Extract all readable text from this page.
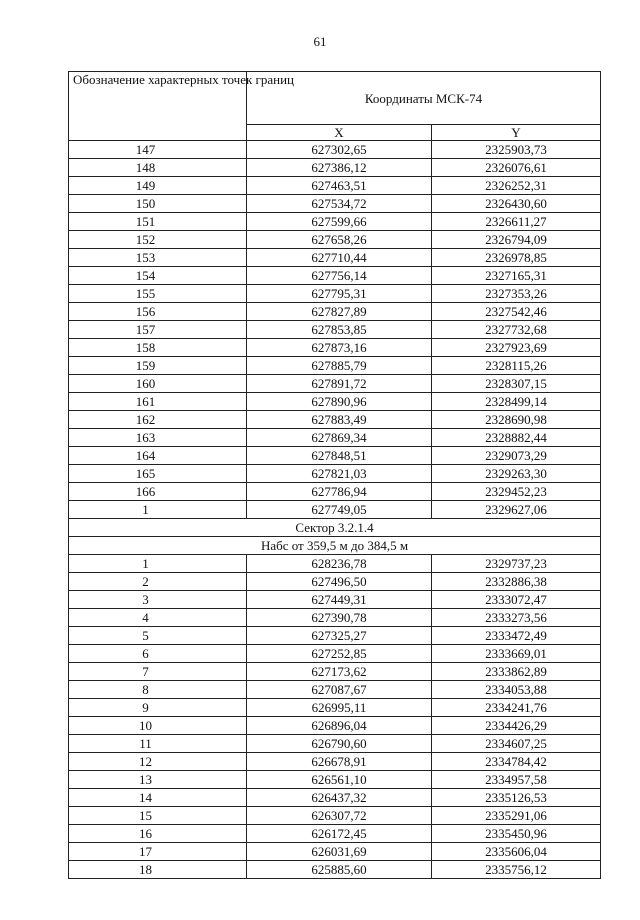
61
Обозначение характерных точек границ	Координаты МСК-74	
	X	Y
147	627302,65	2325903,73
148	627386,12	2326076,61
149	627463,51	2326252,31
150	627534,72	2326430,60
151	627599,66	2326611,27
152	627658,26	2326794,09
153	627710,44	2326978,85
154	627756,14	2327165,31
155	627795,31	2327353,26
156	627827,89	2327542,46
157	627853,85	2327732,68
158	627873,16	2327923,69
159	627885,79	2328115,26
160	627891,72	2328307,15
161	627890,96	2328499,14
162	627883,49	2328690,98
163	627869,34	2328882,44
164	627848,51	2329073,29
165	627821,03	2329263,30
166	627786,94	2329452,23
1	627749,05	2329627,06
Сектор 3.2.1.4		
Набс от 359,5 м до 384,5 м		
1	628236,78	2329737,23
2	627496,50	2332886,38
3	627449,31	2333072,47
4	627390,78	2333273,56
5	627325,27	2333472,49
6	627252,85	2333669,01
7	627173,62	2333862,89
8	627087,67	2334053,88
9	626995,11	2334241,76
10	626896,04	2334426,29
11	626790,60	2334607,25
12	626678,91	2334784,42
13	626561,10	2334957,58
14	626437,32	2335126,53
15	626307,72	2335291,06
16	626172,45	2335450,96
17	626031,69	2335606,04
18	625885,60	2335756,12
